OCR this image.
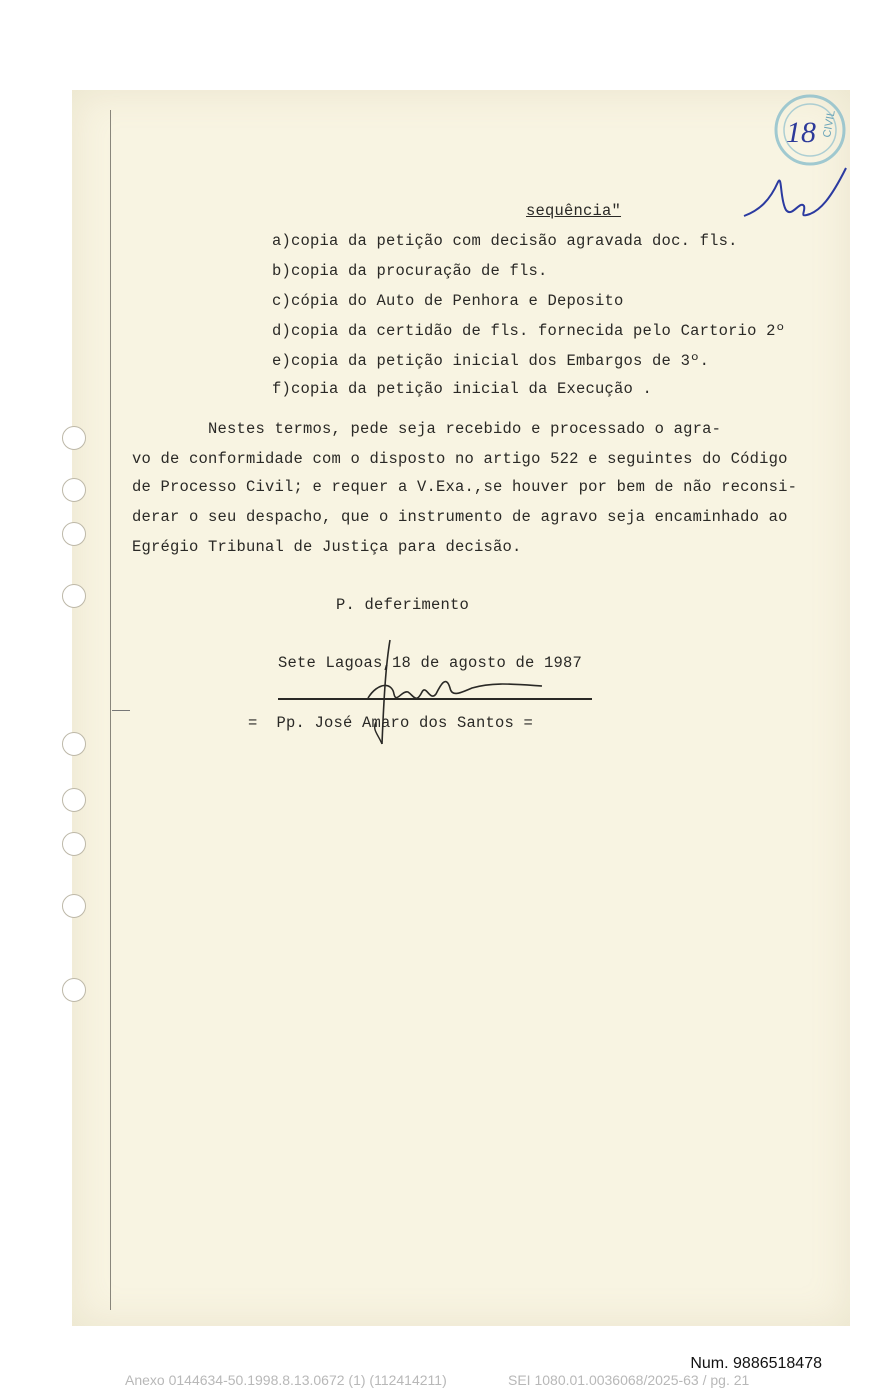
CIVIL
18
sequência"
a)copia da petição com decisão agravada doc. fls.
b)copia da procuração de fls.
c)cópia do Auto de Penhora e Deposito
d)copia da certidão de fls. fornecida pelo Cartorio 2º
e)copia da petição inicial dos Embargos de 3º.
f)copia da petição inicial da Execução .
Nestes termos, pede seja recebido e processado o agra-
vo de conformidade com o disposto no artigo 522 e seguintes do Código
de Processo Civil; e requer a V.Exa.,se houver por bem de não reconsi-
derar o seu despacho, que o instrumento de agravo seja encaminhado ao
Egrégio Tribunal de Justiça para decisão.
P. deferimento
Sete Lagoas,18 de agosto de 1987
=  Pp. José Amaro dos Santos =
Num. 9886518478
Anexo 0144634-50.1998.8.13.0672 (1) (112414211)	SEI 1080.01.0036068/2025-63 / pg. 21
